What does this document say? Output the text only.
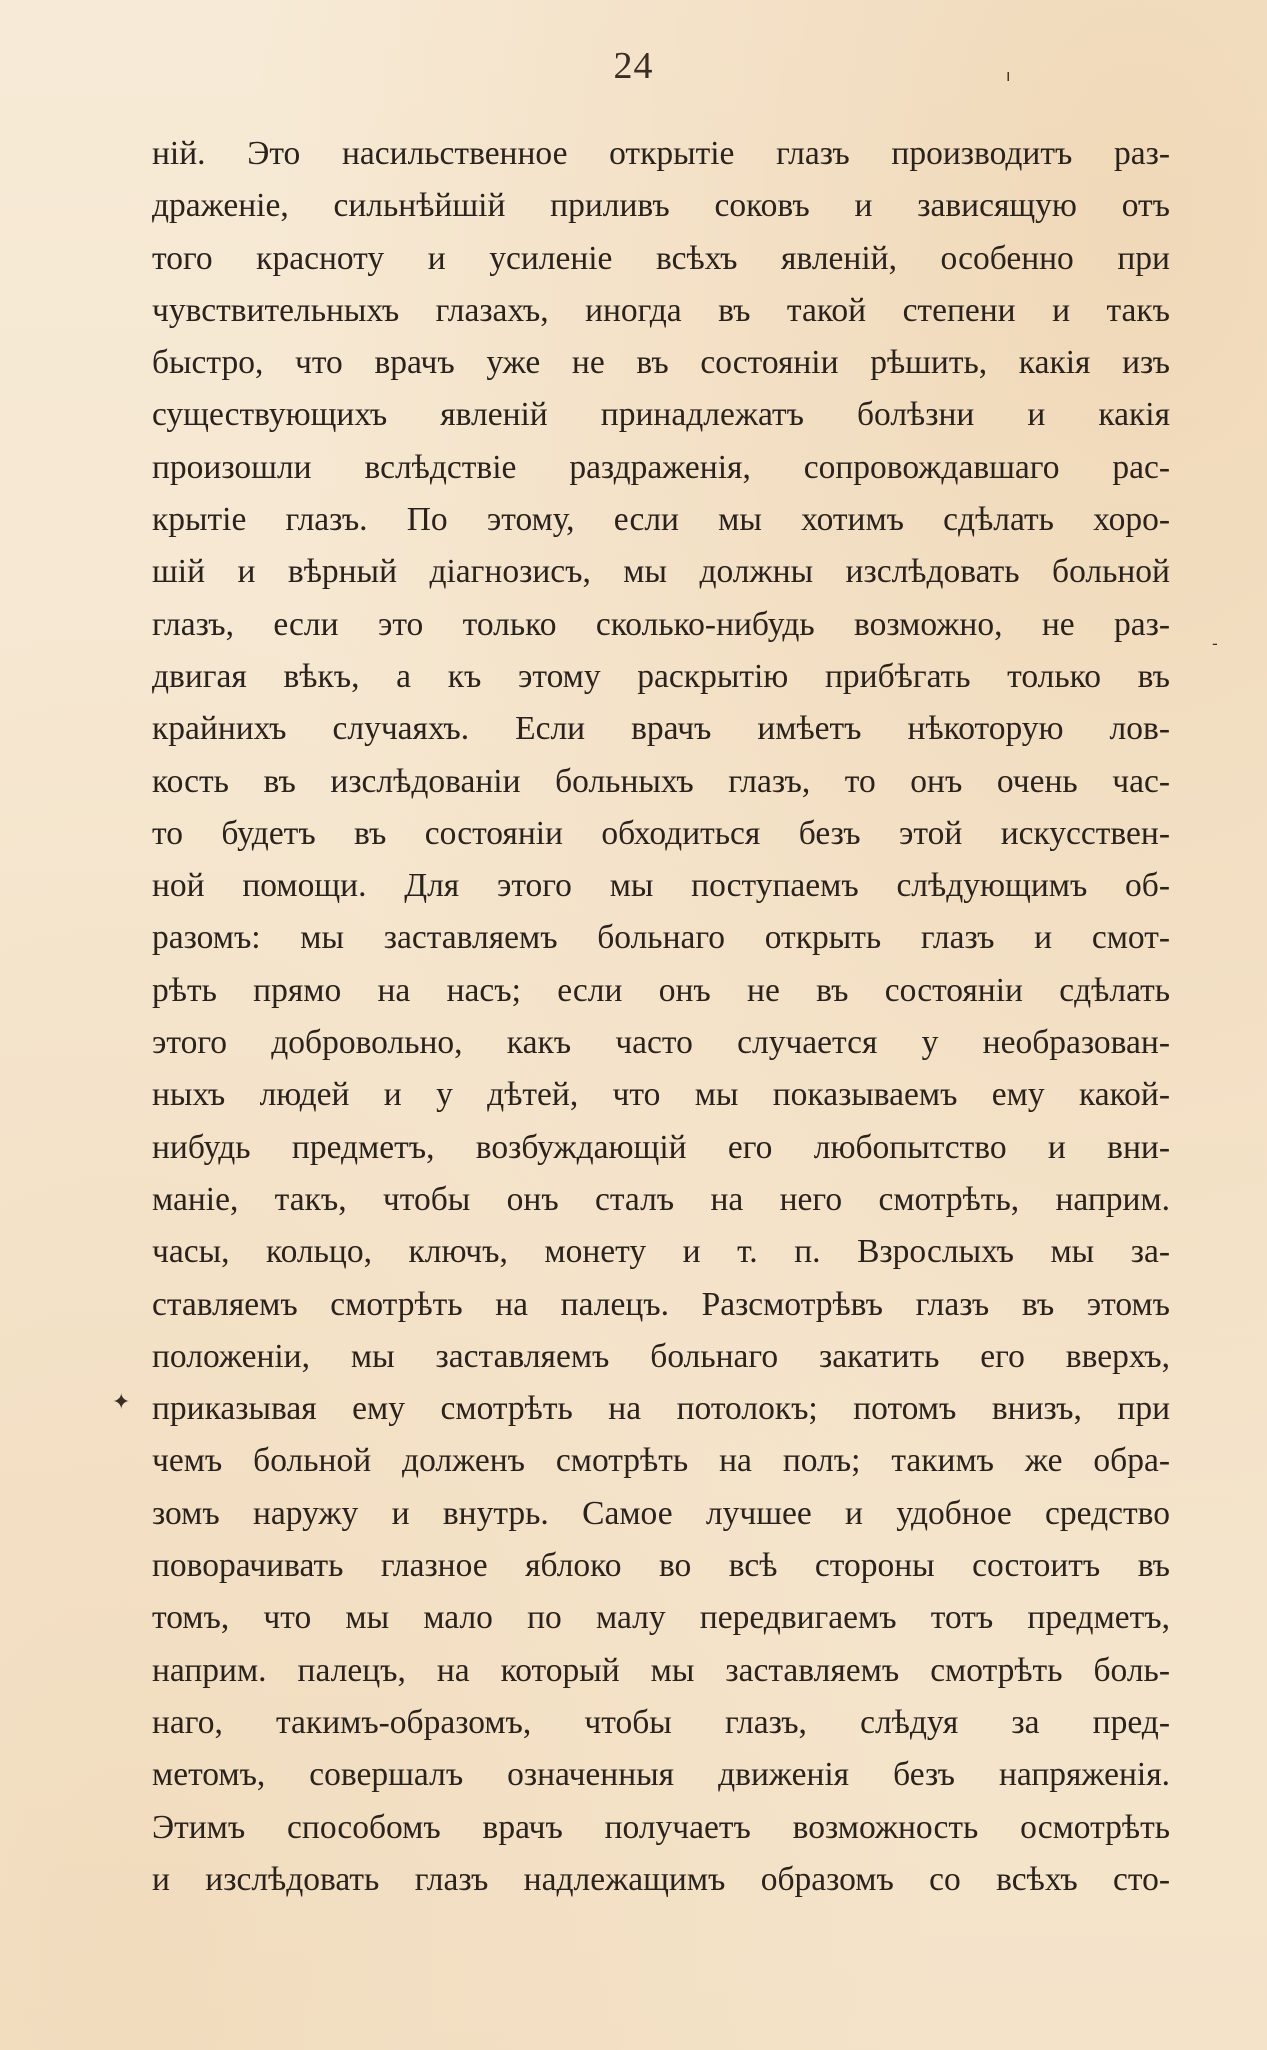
24	ı
-
✦
ній. Это насильственное открытіе глазъ производитъ раз-
драженіе, сильнѣйшій приливъ соковъ и зависящую отъ
того красноту и усиленіе всѣхъ явленій, особенно при
чувствительныхъ глазахъ, иногда въ такой степени и такъ
быстро, что врачъ уже не въ состояніи рѣшить, какія изъ
существующихъ явленій принадлежатъ болѣзни и какія
произошли вслѣдствіе раздраженія, сопровождавшаго рас-
крытіе глазъ. По этому, если мы хотимъ сдѣлать хоро-
шій и вѣрный діагнозисъ, мы должны изслѣдовать больной
глазъ, если это только сколько-нибудь возможно, не раз-
двигая вѣкъ, а къ этому раскрытію прибѣгать только въ
крайнихъ случаяхъ. Если врачъ имѣетъ нѣкоторую лов-
кость въ изслѣдованіи больныхъ глазъ, то онъ очень час-
то будетъ въ состояніи обходиться безъ этой искусствен-
ной помощи. Для этого мы поступаемъ слѣдующимъ об-
разомъ: мы заставляемъ больнаго открыть глазъ и смот-
рѣть прямо на насъ; если онъ не въ состояніи сдѣлать
этого добровольно, какъ часто случается у необразован-
ныхъ людей и у дѣтей, что мы показываемъ ему какой-
нибудь предметъ, возбуждающій его любопытство и вни-
маніе, такъ, чтобы онъ сталъ на него смотрѣть, наприм.
часы, кольцо, ключъ, монету и т. п. Взрослыхъ мы за-
ставляемъ смотрѣть на палецъ. Разсмотрѣвъ глазъ въ этомъ
положеніи, мы заставляемъ больнаго закатить его вверхъ,
приказывая ему смотрѣть на потолокъ; потомъ внизъ, при
чемъ больной долженъ смотрѣть на полъ; такимъ же обра-
зомъ наружу и внутрь. Самое лучшее и удобное средство
поворачивать глазное яблоко во всѣ стороны состоитъ въ
томъ, что мы мало по малу передвигаемъ тотъ предметъ,
наприм. палецъ, на который мы заставляемъ смотрѣть боль-
наго, такимъ-образомъ, чтобы глазъ, слѣдуя за пред-
метомъ, совершалъ означенныя движенія безъ напряженія.
Этимъ способомъ врачъ получаетъ возможность осмотрѣть
и изслѣдовать глазъ надлежащимъ образомъ со всѣхъ сто-
